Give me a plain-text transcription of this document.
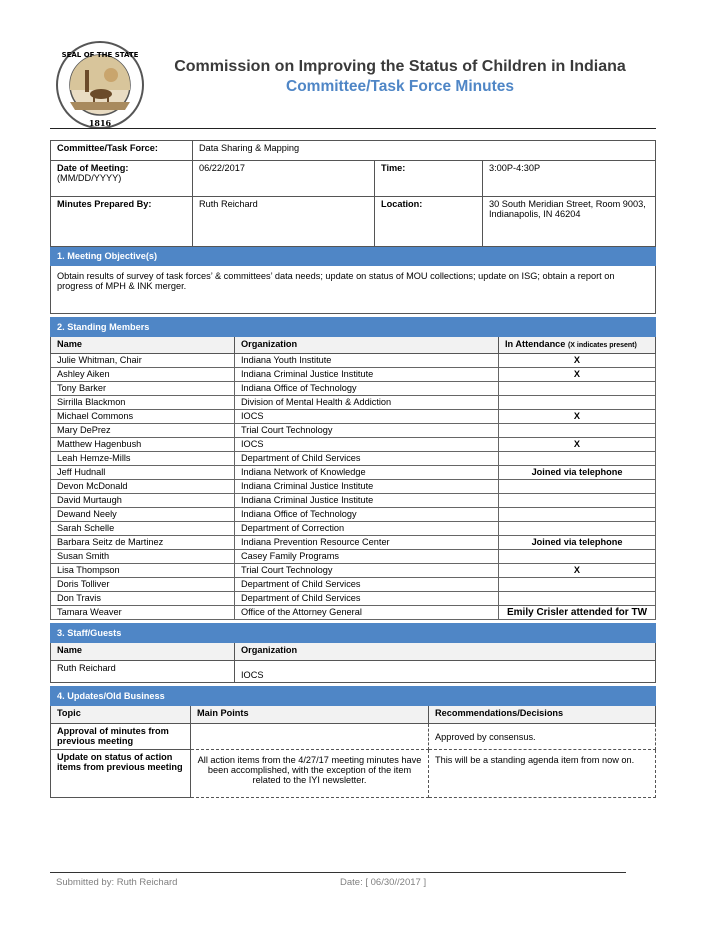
SEAL OF THE STATE
1816
Commission on Improving the Status of Children in Indiana
Committee/Task Force Minutes
Committee/Task Force:	Data Sharing & Mapping		
Date of Meeting:
(MM/DD/YYYY)	06/22/2017	Time:	3:00P-4:30P
Minutes Prepared By:	Ruth Reichard	Location:	30 South Meridian Street, Room 9003, Indianapolis, IN 46204
1. Meeting Objective(s)			
Obtain results of survey of task forces’ & committees’ data needs; update on status of MOU collections; update on ISG; obtain a report on progress of MPH & INK merger.			
2. Standing Members		
Name	Organization	In Attendance (X indicates present)
Julie Whitman, Chair	Indiana Youth Institute	X
Ashley Aiken	Indiana Criminal Justice Institute	X
Tony Barker	Indiana Office of Technology	
Sirrilla Blackmon	Division of Mental Health & Addiction	
Michael Commons	IOCS	X
Mary DePrez	Trial Court Technology	
Matthew Hagenbush	IOCS	X
Leah Hemze-Mills	Department of Child Services	
Jeff Hudnall	Indiana Network of Knowledge	Joined via telephone
Devon McDonald	Indiana Criminal Justice Institute	
David Murtaugh	Indiana Criminal Justice Institute	
Dewand Neely	Indiana Office of Technology	
Sarah Schelle	Department of Correction	
Barbara Seitz de Martinez	Indiana Prevention Resource Center	Joined via telephone
Susan Smith	Casey Family Programs	
Lisa Thompson	Trial Court Technology	X
Doris Tolliver	Department of Child Services	
Don Travis	Department of Child Services	
Tamara Weaver	Office of the Attorney General	Emily Crisler attended for TW
3. Staff/Guests	
Name	Organization
Ruth Reichard	IOCS
4. Updates/Old Business		
Topic	Main Points	Recommendations/Decisions
Approval of minutes from previous meeting		Approved by consensus.
Update on status of action items from previous meeting	All action items from the 4/27/17 meeting minutes have been accomplished, with the exception of the item related to the IYI newsletter.	This will be a standing agenda item from now on.
Submitted by: Ruth Reichard	Date: [ 06/30//2017 ]
